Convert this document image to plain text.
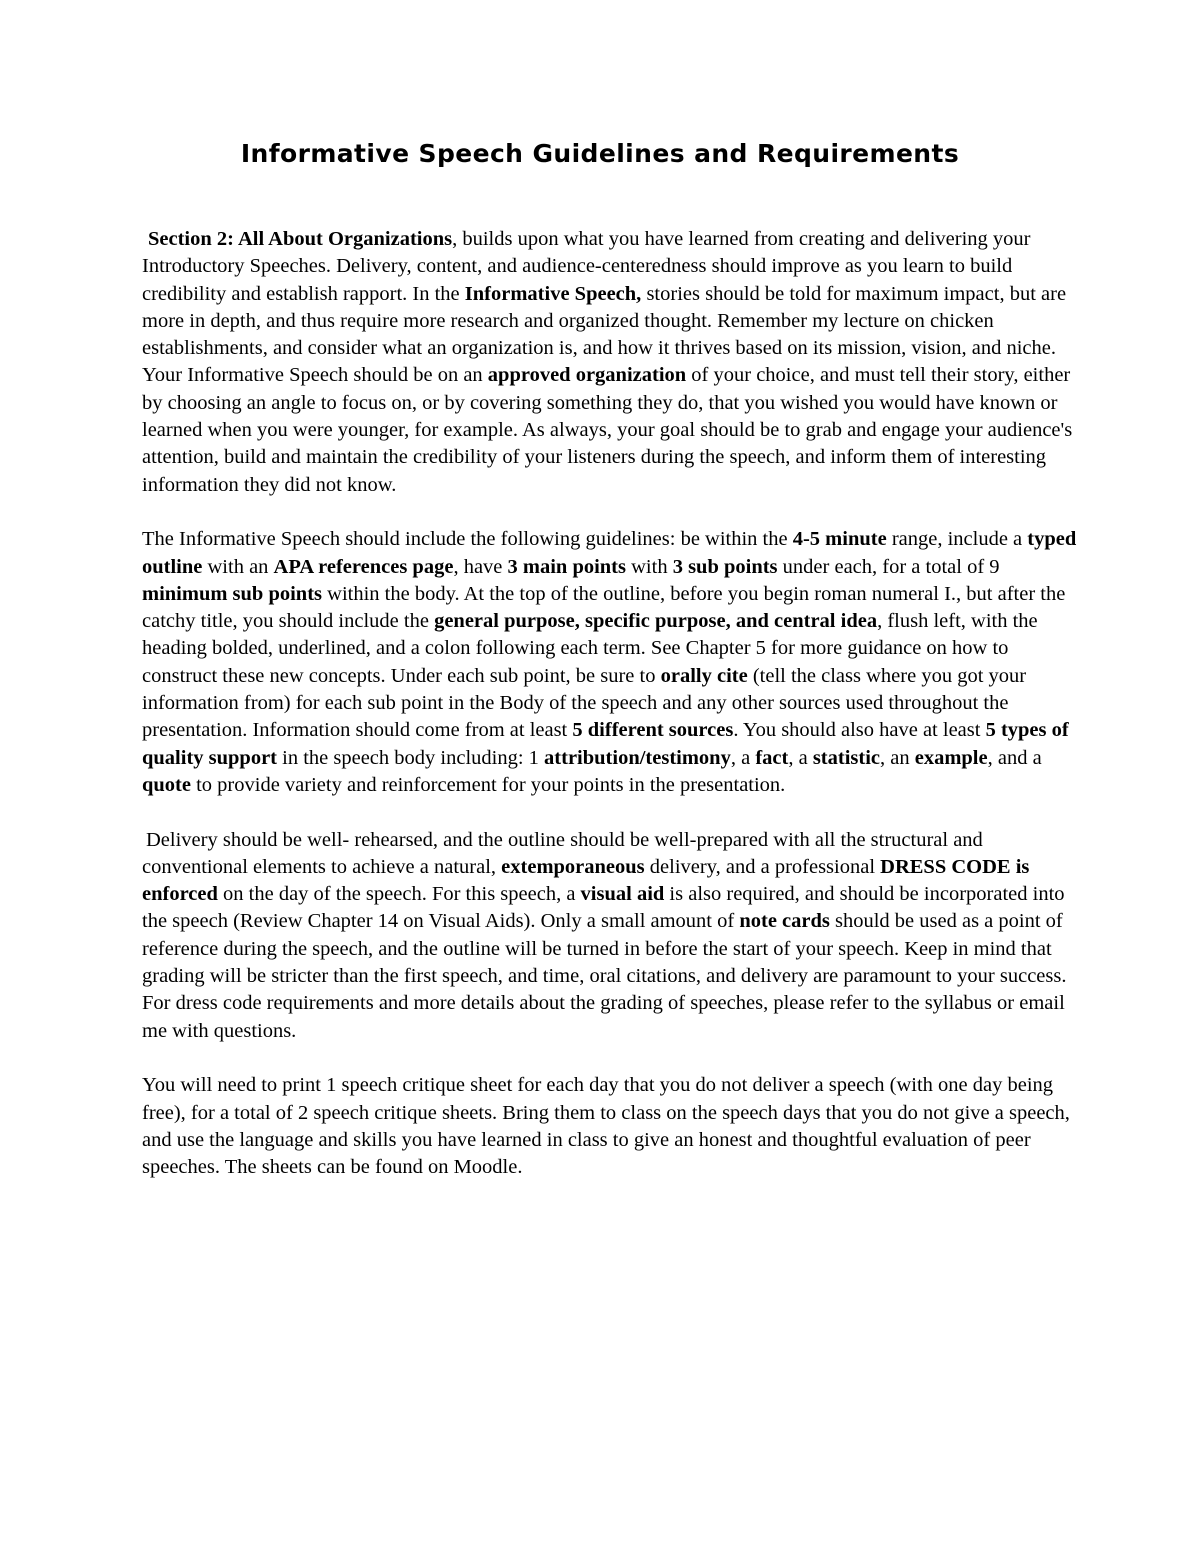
Informative Speech Guidelines and Requirements

Section 2: All About Organizations, builds upon what you have learned from creating and delivering your Introductory Speeches. Delivery, content, and audience-centeredness should improve as you learn to build credibility and establish rapport. In the Informative Speech, stories should be told for maximum impact, but are more in depth, and thus require more research and organized thought. Remember my lecture on chicken establishments, and consider what an organization is, and how it thrives based on its mission, vision, and niche. Your Informative Speech should be on an approved organization of your choice, and must tell their story, either by choosing an angle to focus on, or by covering something they do, that you wished you would have known or learned when you were younger, for example. As always, your goal should be to grab and engage your audience's attention, build and maintain the credibility of your listeners during the speech, and inform them of interesting information they did not know.

The Informative Speech should include the following guidelines: be within the 4-5 minute range, include a typed outline with an APA references page, have 3 main points with 3 sub points under each, for a total of 9 minimum sub points within the body. At the top of the outline, before you begin roman numeral I., but after the catchy title, you should include the general purpose, specific purpose, and central idea, flush left, with the heading bolded, underlined, and a colon following each term. See Chapter 5 for more guidance on how to construct these new concepts. Under each sub point, be sure to orally cite (tell the class where you got your information from) for each sub point in the Body of the speech and any other sources used throughout the presentation. Information should come from at least 5 different sources. You should also have at least 5 types of quality support in the speech body including: 1 attribution/testimony, a fact, a statistic, an example, and a quote to provide variety and reinforcement for your points in the presentation.

Delivery should be well- rehearsed, and the outline should be well-prepared with all the structural and conventional elements to achieve a natural, extemporaneous delivery, and a professional DRESS CODE is enforced on the day of the speech. For this speech, a visual aid is also required, and should be incorporated into the speech (Review Chapter 14 on Visual Aids). Only a small amount of note cards should be used as a point of reference during the speech, and the outline will be turned in before the start of your speech. Keep in mind that grading will be stricter than the first speech, and time, oral citations, and delivery are paramount to your success. For dress code requirements and more details about the grading of speeches, please refer to the syllabus or email me with questions.

You will need to print 1 speech critique sheet for each day that you do not deliver a speech (with one day being free), for a total of 2 speech critique sheets. Bring them to class on the speech days that you do not give a speech, and use the language and skills you have learned in class to give an honest and thoughtful evaluation of peer speeches. The sheets can be found on Moodle.
